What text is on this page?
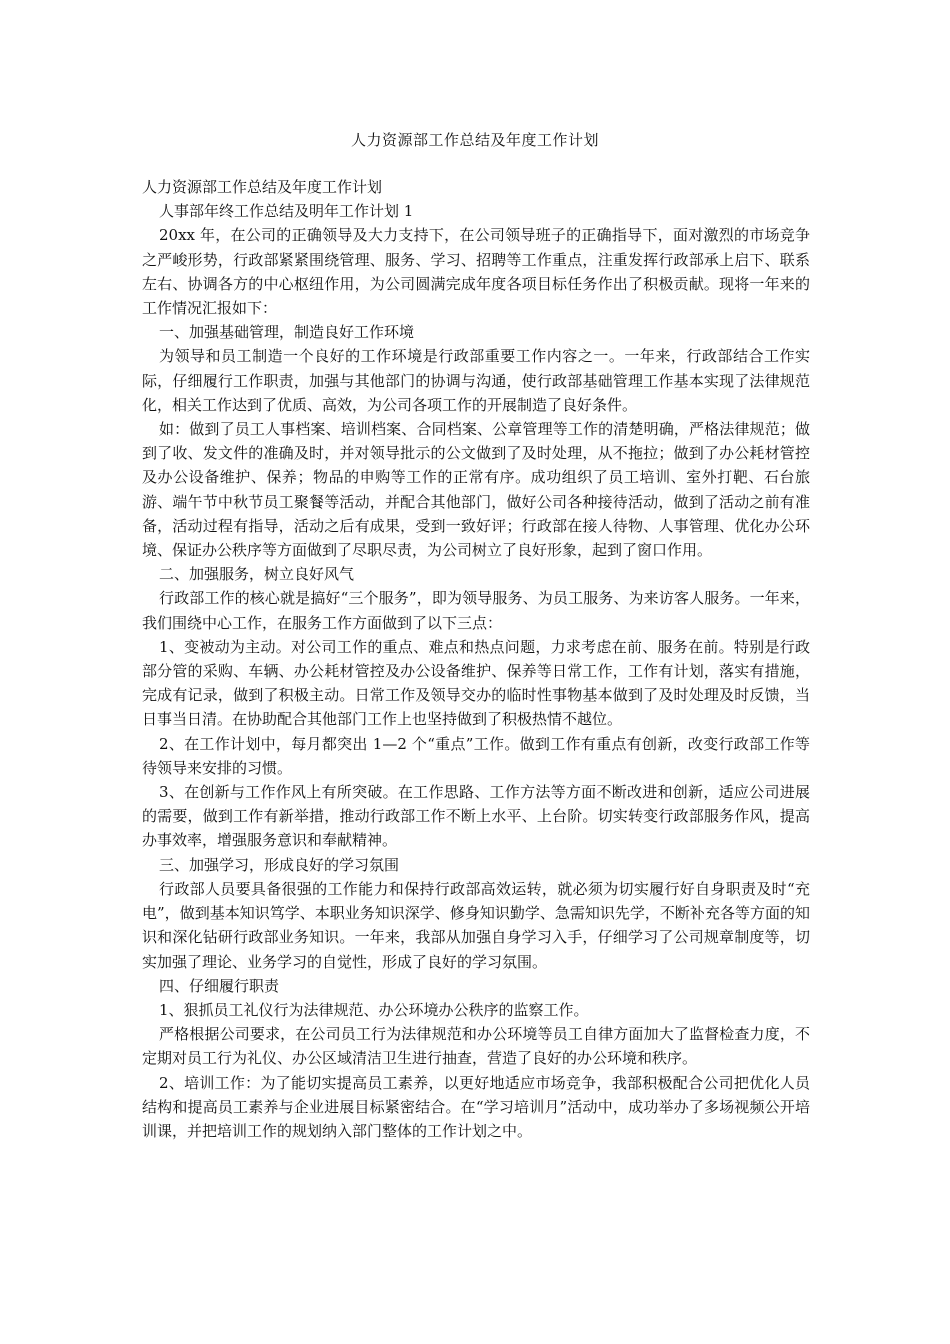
人力资源部工作总结及年度工作计划

人力资源部工作总结及年度工作计划

人事部年终工作总结及明年工作计划 1

20xx 年，在公司的正确领导及大力支持下，在公司领导班子的正确指导下，面对激烈的市场竞争之严峻形势，行政部紧紧围绕管理、服务、学习、招聘等工作重点，注重发挥行政部承上启下、联系左右、协调各方的中心枢纽作用，为公司圆满完成年度各项目标任务作出了积极贡献。现将一年来的工作情况汇报如下：

一、加强基础管理，制造良好工作环境

为领导和员工制造一个良好的工作环境是行政部重要工作内容之一。一年来，行政部结合工作实际，仔细履行工作职责，加强与其他部门的协调与沟通，使行政部基础管理工作基本实现了法律规范化，相关工作达到了优质、高效，为公司各项工作的开展制造了良好条件。

如：做到了员工人事档案、培训档案、合同档案、公章管理等工作的清楚明确，严格法律规范；做到了收、发文件的准确及时，并对领导批示的公文做到了及时处理，从不拖拉；做到了办公耗材管控及办公设备维护、保养；物品的申购等工作的正常有序。成功组织了员工培训、室外打靶、石台旅游、端午节中秋节员工聚餐等活动，并配合其他部门，做好公司各种接待活动，做到了活动之前有准备，活动过程有指导，活动之后有成果，受到一致好评；行政部在接人待物、人事管理、优化办公环境、保证办公秩序等方面做到了尽职尽责，为公司树立了良好形象，起到了窗口作用。

二、加强服务，树立良好风气

行政部工作的核心就是搞好“三个服务”，即为领导服务、为员工服务、为来访客人服务。一年来，我们围绕中心工作，在服务工作方面做到了以下三点：

1、变被动为主动。对公司工作的重点、难点和热点问题，力求考虑在前、服务在前。特别是行政部分管的采购、车辆、办公耗材管控及办公设备维护、保养等日常工作，工作有计划，落实有措施，完成有记录，做到了积极主动。日常工作及领导交办的临时性事物基本做到了及时处理及时反馈，当日事当日清。在协助配合其他部门工作上也坚持做到了积极热情不越位。

2、在工作计划中，每月都突出 1—2 个“重点”工作。做到工作有重点有创新，改变行政部工作等待领导来安排的习惯。

3、在创新与工作作风上有所突破。在工作思路、工作方法等方面不断改进和创新，适应公司进展的需要，做到工作有新举措，推动行政部工作不断上水平、上台阶。切实转变行政部服务作风，提高办事效率，增强服务意识和奉献精神。

三、加强学习，形成良好的学习氛围

行政部人员要具备很强的工作能力和保持行政部高效运转，就必须为切实履行好自身职责及时“充电”，做到基本知识笃学、本职业务知识深学、修身知识勤学、急需知识先学，不断补充各等方面的知识和深化钻研行政部业务知识。一年来，我部从加强自身学习入手，仔细学习了公司规章制度等，切实加强了理论、业务学习的自觉性，形成了良好的学习氛围。

四、仔细履行职责

1、狠抓员工礼仪行为法律规范、办公环境办公秩序的监察工作。

严格根据公司要求，在公司员工行为法律规范和办公环境等员工自律方面加大了监督检查力度，不定期对员工行为礼仪、办公区域清洁卫生进行抽查，营造了良好的办公环境和秩序。

2、培训工作：为了能切实提高员工素养，以更好地适应市场竞争，我部积极配合公司把优化人员结构和提高员工素养与企业进展目标紧密结合。在“学习培训月”活动中，成功举办了多场视频公开培训课，并把培训工作的规划纳入部门整体的工作计划之中。
